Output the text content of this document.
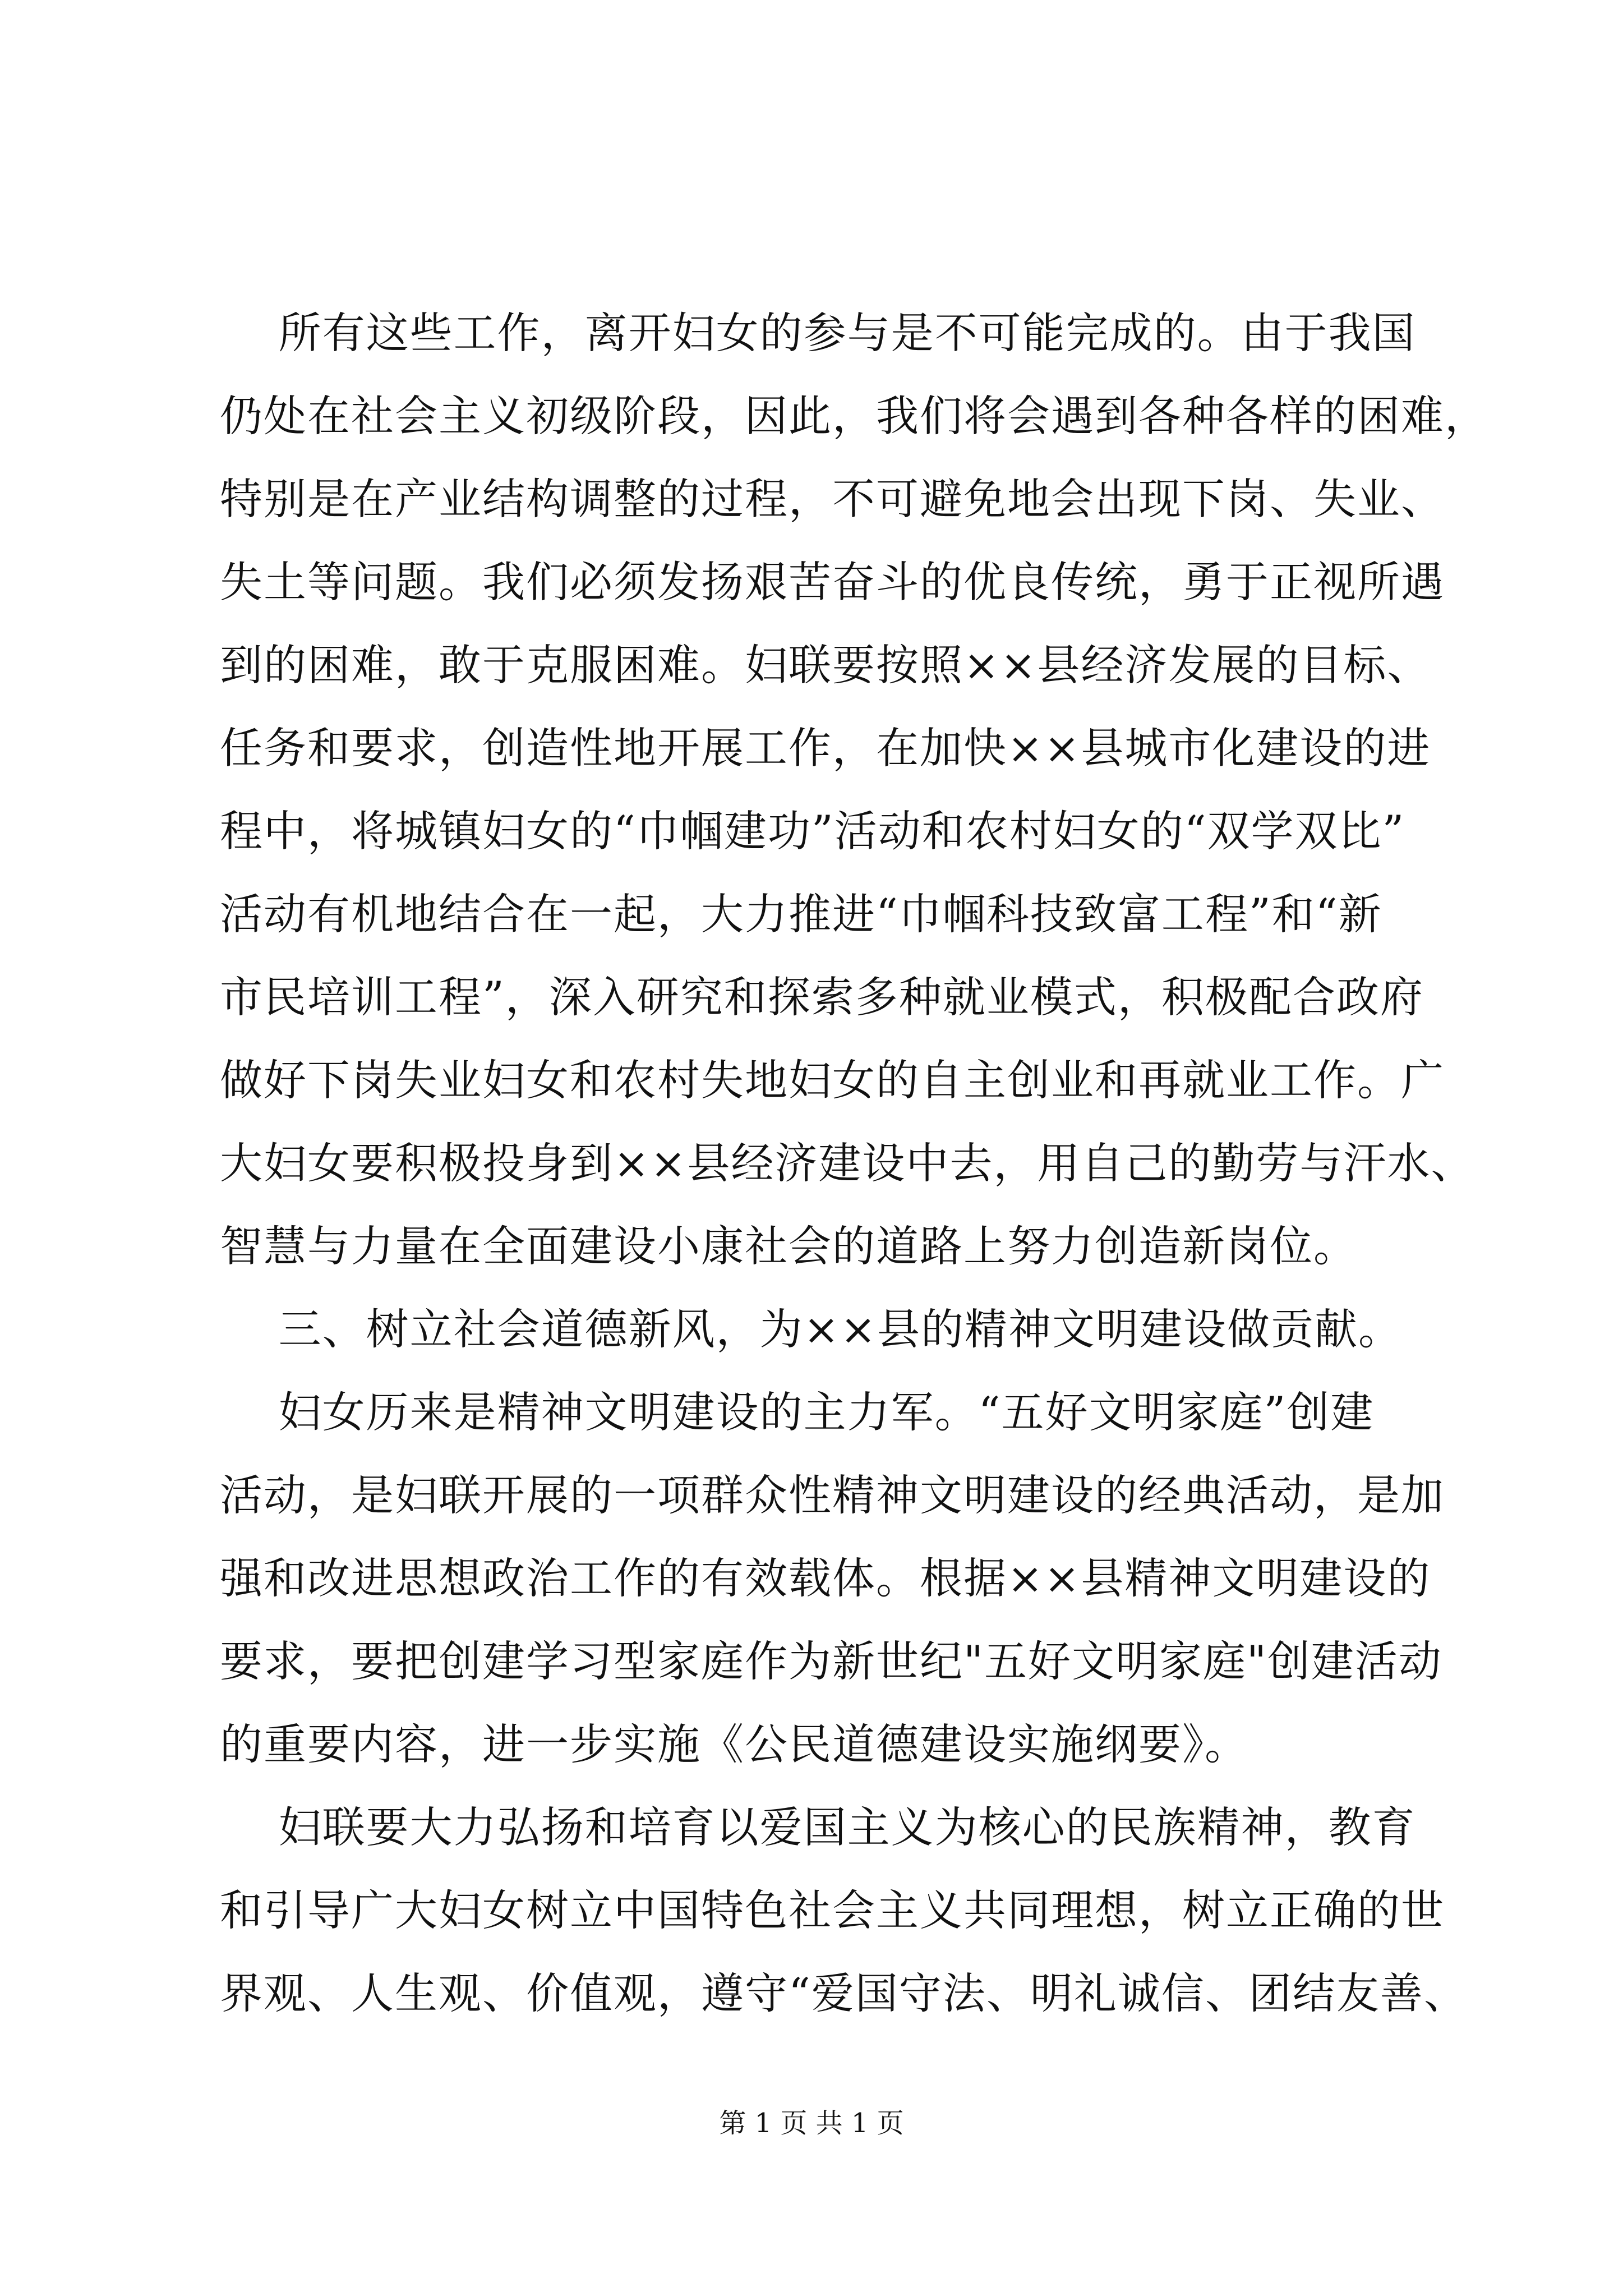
所有这些工作，离开妇女的参与是不可能完成的。由于我国
仍处在社会主义初级阶段，因此，我们将会遇到各种各样的困难，
特别是在产业结构调整的过程，不可避免地会出现下岗、失业、
失土等问题。我们必须发扬艰苦奋斗的优良传统，勇于正视所遇
到的困难，敢于克服困难。妇联要按照××县经济发展的目标、
任务和要求，创造性地开展工作，在加快××县城市化建设的进
程中，将城镇妇女的“巾帼建功”活动和农村妇女的“双学双比”
活动有机地结合在一起，大力推进“巾帼科技致富工程”和“新
市民培训工程”，深入研究和探索多种就业模式，积极配合政府
做好下岗失业妇女和农村失地妇女的自主创业和再就业工作。广
大妇女要积极投身到××县经济建设中去，用自己的勤劳与汗水、
智慧与力量在全面建设小康社会的道路上努力创造新岗位。
三、树立社会道德新风，为××县的精神文明建设做贡献。
妇女历来是精神文明建设的主力军。“五好文明家庭”创建
活动，是妇联开展的一项群众性精神文明建设的经典活动，是加
强和改进思想政治工作的有效载体。根据××县精神文明建设的
要求，要把创建学习型家庭作为新世纪"五好文明家庭"创建活动
的重要内容，进一步实施《公民道德建设实施纲要》。
妇联要大力弘扬和培育以爱国主义为核心的民族精神，教育
和引导广大妇女树立中国特色社会主义共同理想，树立正确的世
界观、人生观、价值观，遵守“爱国守法、明礼诚信、团结友善、
第 1 页 共 1 页
